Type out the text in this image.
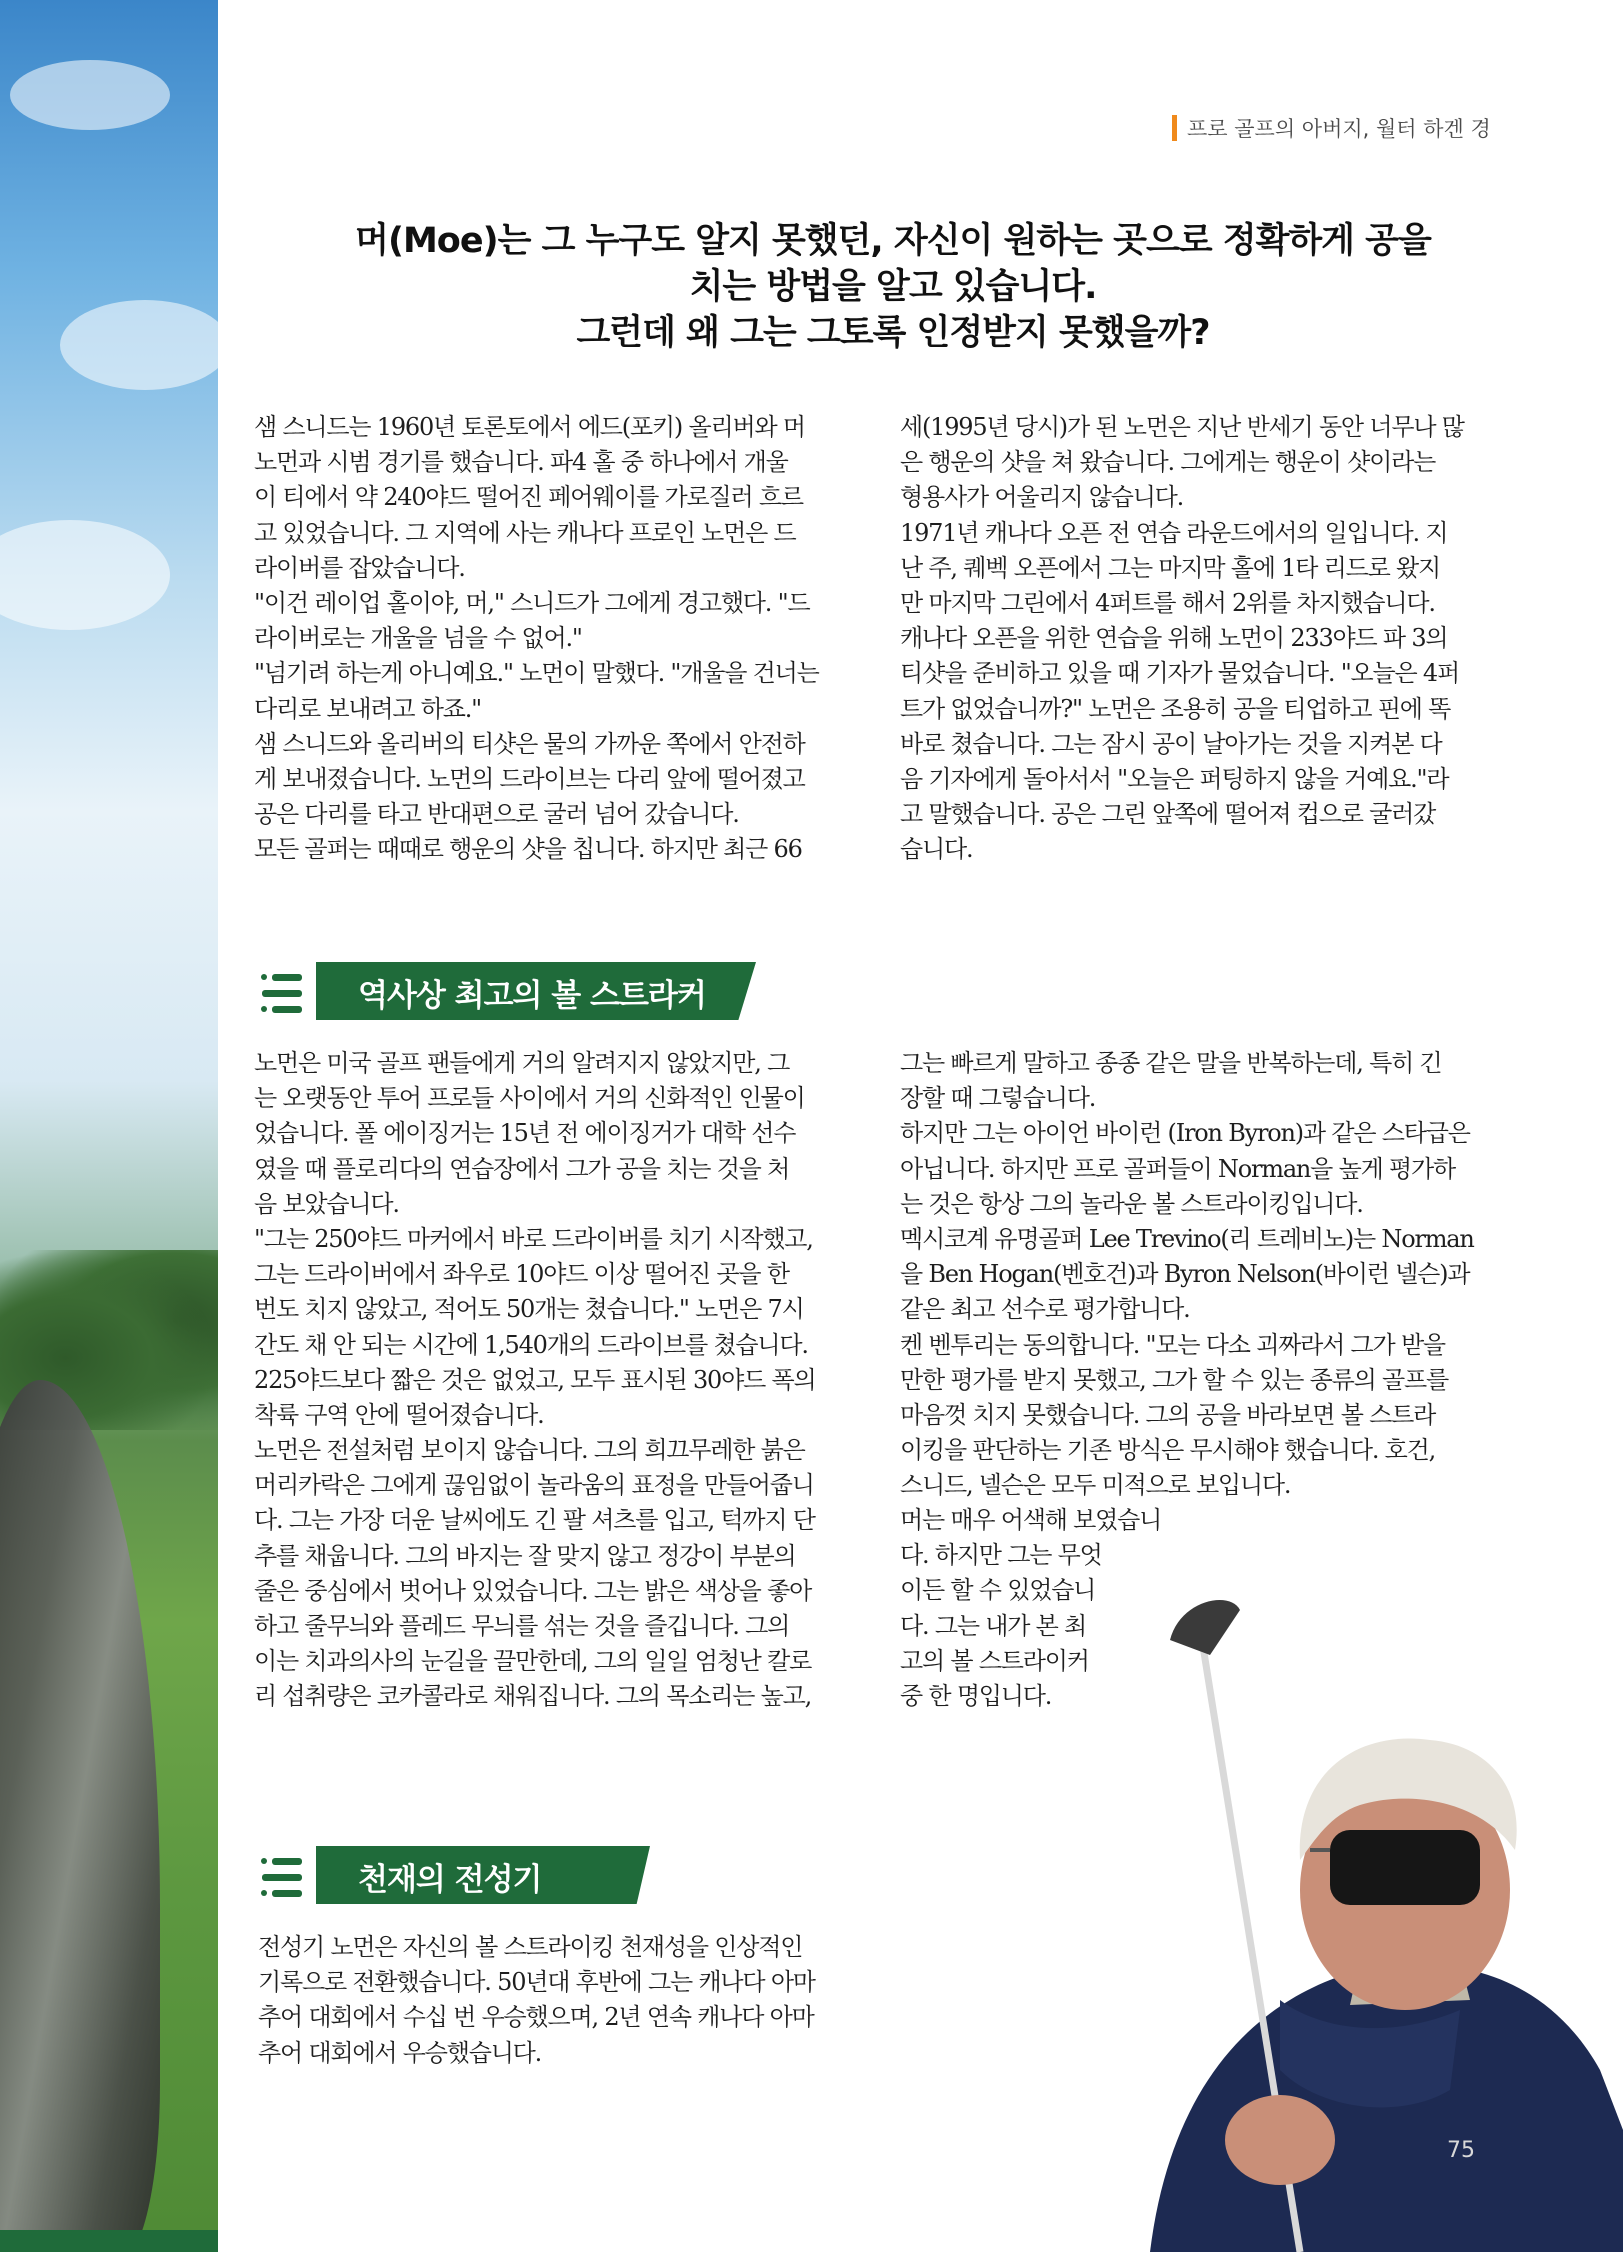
프로 골프의 아버지, 월터 하겐 경
머(Moe)는 그 누구도 알지 못했던, 자신이 원하는 곳으로 정확하게 공을
치는 방법을 알고 있습니다.
그런데 왜 그는 그토록 인정받지 못했을까?
샘 스니드는 1960년 토론토에서 에드(포키) 올리버와 머
노먼과 시범 경기를 했습니다. 파4 홀 중 하나에서 개울
이 티에서 약 240야드 떨어진 페어웨이를 가로질러 흐르
고 있었습니다. 그 지역에 사는 캐나다 프로인 노먼은 드
라이버를 잡았습니다.
"이건 레이업 홀이야, 머," 스니드가 그에게 경고했다. "드
라이버로는 개울을 넘을 수 없어."
"넘기려 하는게 아니예요." 노먼이 말했다. "개울을 건너는
다리로 보내려고 하죠."
샘 스니드와 올리버의 티샷은 물의 가까운 쪽에서 안전하
게 보내졌습니다. 노먼의 드라이브는 다리 앞에 떨어졌고
공은 다리를 타고 반대편으로 굴러 넘어 갔습니다.
모든 골퍼는 때때로 행운의 샷을 칩니다. 하지만 최근 66
세(1995년 당시)가 된 노먼은 지난 반세기 동안 너무나 많
은 행운의 샷을 쳐 왔습니다. 그에게는 행운이 샷이라는
형용사가 어울리지 않습니다.
1971년 캐나다 오픈 전 연습 라운드에서의 일입니다. 지
난 주, 퀘벡 오픈에서 그는 마지막 홀에 1타 리드로 왔지
만 마지막 그린에서 4퍼트를 해서 2위를 차지했습니다.
캐나다 오픈을 위한 연습을 위해 노먼이 233야드 파 3의
티샷을 준비하고 있을 때 기자가 물었습니다. "오늘은 4퍼
트가 없었습니까?" 노먼은 조용히 공을 티업하고 핀에 똑
바로 쳤습니다. 그는 잠시 공이 날아가는 것을 지켜본 다
음 기자에게 돌아서서 "오늘은 퍼팅하지 않을 거예요."라
고 말했습니다. 공은 그린 앞쪽에 떨어져 컵으로 굴러갔
습니다.
역사상 최고의 볼 스트라커
노먼은 미국 골프 팬들에게 거의 알려지지 않았지만, 그
는 오랫동안 투어 프로들 사이에서 거의 신화적인 인물이
었습니다. 폴 에이징거는 15년 전 에이징거가 대학 선수
였을 때 플로리다의 연습장에서 그가 공을 치는 것을 처
음 보았습니다.
"그는 250야드 마커에서 바로 드라이버를 치기 시작했고,
그는 드라이버에서 좌우로 10야드 이상 떨어진 곳을 한
번도 치지 않았고, 적어도 50개는 쳤습니다." 노먼은 7시
간도 채 안 되는 시간에 1,540개의 드라이브를 쳤습니다.
225야드보다 짧은 것은 없었고, 모두 표시된 30야드 폭의
착륙 구역 안에 떨어졌습니다.
노먼은 전설처럼 보이지 않습니다. 그의 희끄무레한 붉은
머리카락은 그에게 끊임없이 놀라움의 표정을 만들어줍니
다. 그는 가장 더운 날씨에도 긴 팔 셔츠를 입고, 턱까지 단
추를 채웁니다. 그의 바지는 잘 맞지 않고 정강이 부분의
줄은 중심에서 벗어나 있었습니다. 그는 밝은 색상을 좋아
하고 줄무늬와 플레드 무늬를 섞는 것을 즐깁니다. 그의
이는 치과의사의 눈길을 끌만한데, 그의 일일 엄청난 칼로
리 섭취량은 코카콜라로 채워집니다. 그의 목소리는 높고,
그는 빠르게 말하고 종종 같은 말을 반복하는데, 특히 긴
장할 때 그렇습니다.
하지만 그는 아이언 바이런 (Iron Byron)과 같은 스타급은
아닙니다. 하지만 프로 골퍼들이 Norman을 높게 평가하
는 것은 항상 그의 놀라운 볼 스트라이킹입니다.
멕시코계 유명골퍼 Lee Trevino(리 트레비노)는 Norman
을 Ben Hogan(벤호건)과 Byron Nelson(바이런 넬슨)과
같은 최고 선수로 평가합니다.
켄 벤투리는 동의합니다. "모는 다소 괴짜라서 그가 받을
만한 평가를 받지 못했고, 그가 할 수 있는 종류의 골프를
마음껏 치지 못했습니다. 그의 공을 바라보면 볼 스트라
이킹을 판단하는 기존 방식은 무시해야 했습니다. 호건,
스니드, 넬슨은 모두 미적으로 보입니다.
머는 매우 어색해 보였습니
다. 하지만 그는 무엇
이든 할 수 있었습니
다. 그는 내가 본 최
고의 볼 스트라이커
중 한 명입니다.
천재의 전성기
전성기 노먼은 자신의 볼 스트라이킹 천재성을 인상적인
기록으로 전환했습니다. 50년대 후반에 그는 캐나다 아마
추어 대회에서 수십 번 우승했으며, 2년 연속 캐나다 아마
추어 대회에서 우승했습니다.
75
